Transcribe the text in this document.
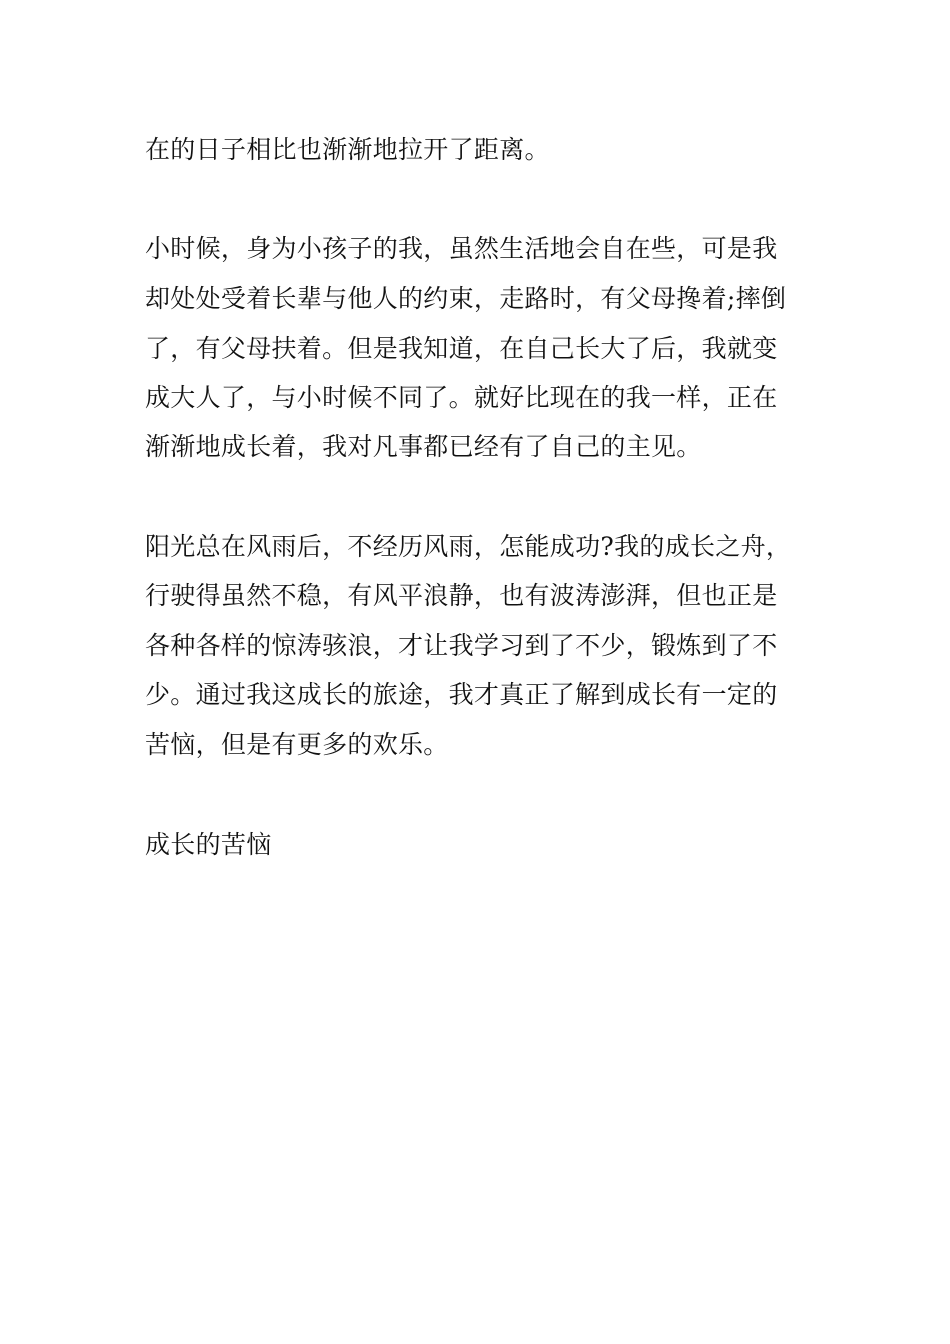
在的日子相比也渐渐地拉开了距离。
小时候，身为小孩子的我，虽然生活地会自在些，可是我
却处处受着长辈与他人的约束，走路时，有父母搀着;摔倒
了，有父母扶着。但是我知道，在自己长大了后，我就变
成大人了，与小时候不同了。就好比现在的我一样，正在
渐渐地成长着，我对凡事都已经有了自己的主见。
阳光总在风雨后，不经历风雨，怎能成功?我的成长之舟，
行驶得虽然不稳，有风平浪静，也有波涛澎湃，但也正是
各种各样的惊涛骇浪，才让我学习到了不少，锻炼到了不
少。通过我这成长的旅途，我才真正了解到成长有一定的
苦恼，但是有更多的欢乐。
成长的苦恼
